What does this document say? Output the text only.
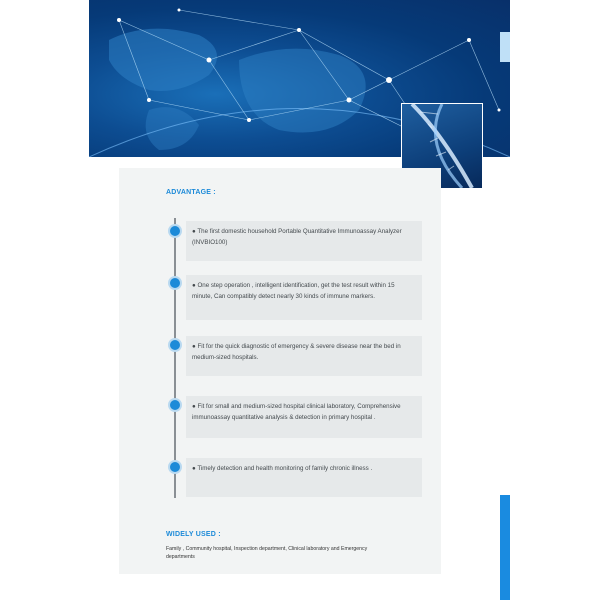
ADVANTAGE :
● The first domestic household Portable Quantitative Immunoassay Analyzer (INVBIO100)
● One step operation , intelligent identification, get the test result within 15 minute, Can compatibly detect nearly 30 kinds of immune markers.
● Fit for the quick diagnostic of emergency & severe disease near the bed in medium-sized hospitals.
● Fit for small and medium-sized hospital clinical laboratory, Comprehensive immunoassay quantitative analysis & detection in primary hospital .
● Timely detection and health monitoring of family chronic illness .
WIDELY USED :
Family , Community hospital, Inspection department, Clinical laboratory and Emergency departments
